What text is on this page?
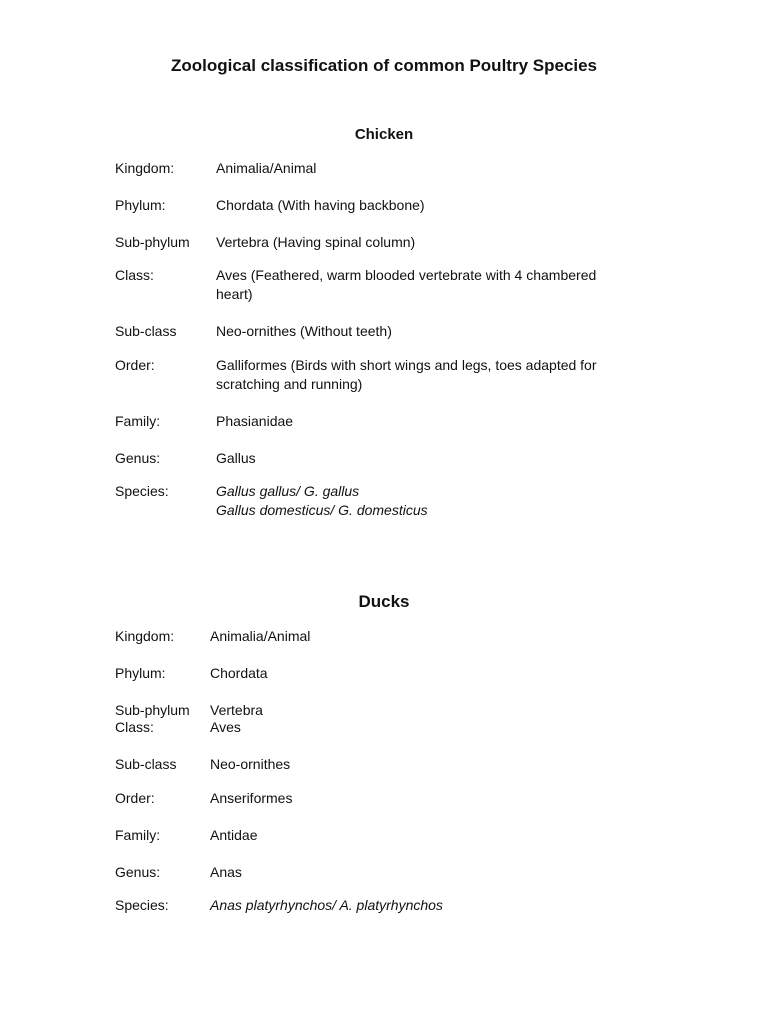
Zoological classification of common Poultry Species
Chicken
Kingdom:	Animalia/Animal
Phylum:	Chordata (With having backbone)
Sub-phylum Vertebra (Having spinal column)
Class:	Aves (Feathered, warm blooded vertebrate with 4 chambered
heart)
Sub-class	Neo-ornithes (Without teeth)
Order:	Galliformes (Birds with short wings and legs, toes adapted for
scratching and running)
Family:	Phasianidae
Genus:	Gallus
Species:	Gallus gallus/ G. gallus
Gallus domesticus/ G. domesticus
Ducks
Kingdom:	Animalia/Animal
Phylum:	Chordata
Sub-phylum Vertebra
Class:	Aves
Sub-class Neo-ornithes
Order:	Anseriformes
Family:	Antidae
Genus:	Anas
Species:	Anas platyrhynchos/ A. platyrhynchos
